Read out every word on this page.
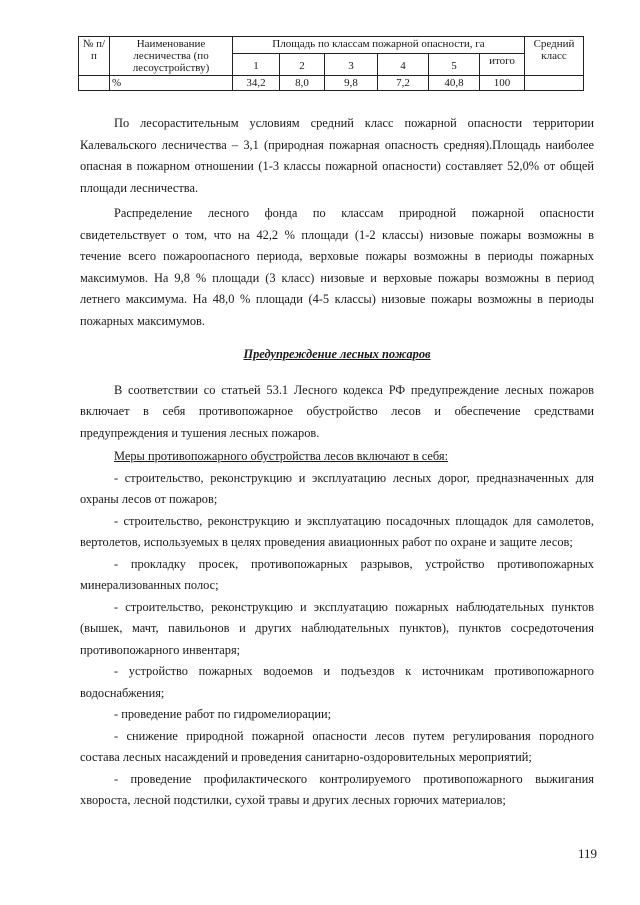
№ п/п	Наименование лесничества (по лесоустройству)	Площадь по классам пожарной опасности, га						Средний класс
		1	2	3	4	5	итого	
	%	34,2	8,0	9,8	7,2	40,8	100	

По лесорастительным условиям средний класс пожарной опасности территории Калевальского лесничества – 3,1 (природная пожарная опасность средняя).Площадь наиболее опасная в пожарном отношении (1-3 классы пожарной опасности) составляет 52,0% от общей площади лесничества.

Распределение лесного фонда по классам природной пожарной опасности свидетельствует о том, что на 42,2 % площади (1-2 классы) низовые пожары возможны в течение всего пожароопасного периода, верховые пожары возможны в периоды пожарных максимумов. На 9,8 % площади (3 класс) низовые и верховые пожары возможны в период летнего максимума. На 48,0 % площади (4-5 классы) низовые пожары возможны в периоды пожарных максимумов.

Предупреждение лесных пожаров

В соответствии со статьей 53.1 Лесного кодекса РФ предупреждение лесных пожаров включает в себя противопожарное обустройство лесов и обеспечение средствами предупреждения и тушения лесных пожаров.

Меры противопожарного обустройства лесов включают в себя:

- строительство, реконструкцию и эксплуатацию лесных дорог, предназначенных для охраны лесов от пожаров;

- строительство, реконструкцию и эксплуатацию посадочных площадок для самолетов, вертолетов, используемых в целях проведения авиационных работ по охране и защите лесов;

- прокладку просек, противопожарных разрывов, устройство противопожарных минерализованных полос;

- строительство, реконструкцию и эксплуатацию пожарных наблюдательных пунктов (вышек, мачт, павильонов и других наблюдательных пунктов), пунктов сосредоточения противопожарного инвентаря;

- устройство пожарных водоемов и подъездов к источникам противопожарного водоснабжения;

- проведение работ по гидромелиорации;

- снижение природной пожарной опасности лесов путем регулирования породного состава лесных насаждений и проведения санитарно-оздоровительных мероприятий;

- проведение профилактического контролируемого противопожарного выжигания хвороста, лесной подстилки, сухой травы и других лесных горючих материалов;

119
